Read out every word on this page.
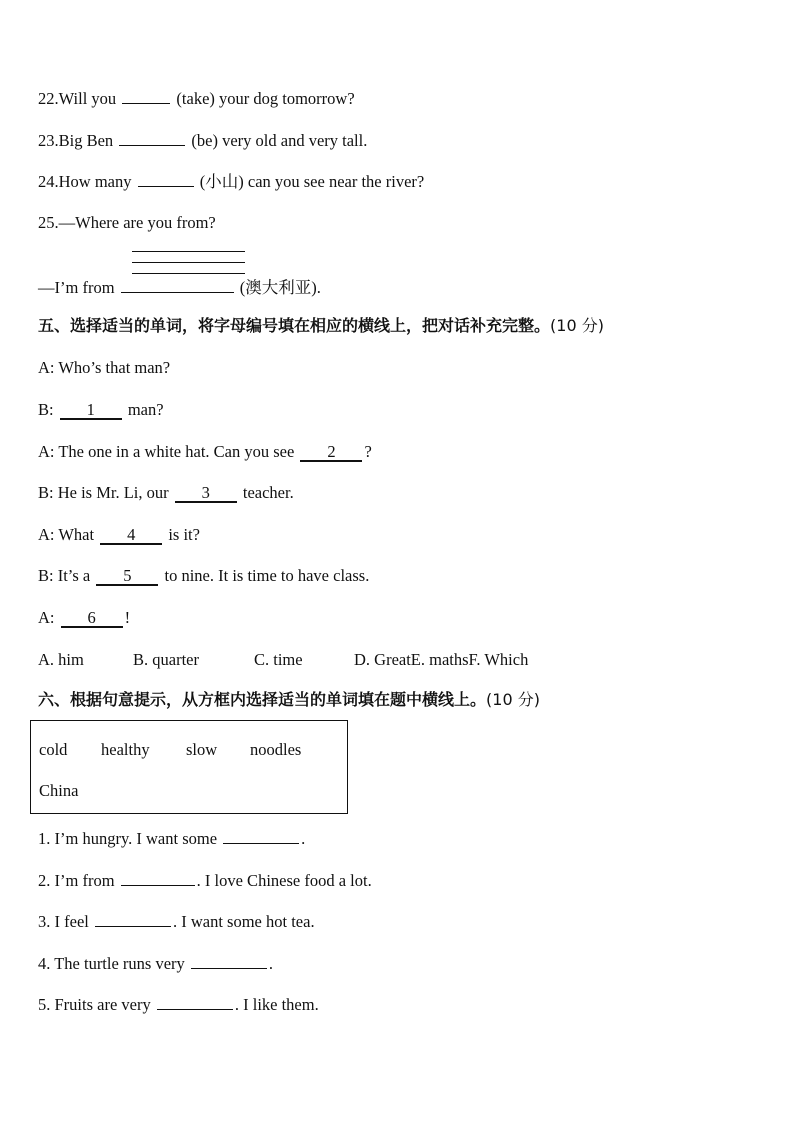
22.Will you	(take) your dog tomorrow?
23.Big Ben	(be) very old and very tall.
24.How many	(小山) can you see near the river?
25.—Where are you from?
—I’m from	(澳大利亚).
五、选择适当的单词，将字母编号填在相应的横线上，把对话补充完整。(10 分)
A: Who’s that man?
B: 1 man?
A: The one in a white hat. Can you see 2 ?
B: He is Mr. Li, our 3 teacher.
A: What 4 is it?
B: It’s a 5 to nine. It is time to have class.
A: 6 !
A. him	B. quarter	C. time	D. GreatE. mathsF. Which
六、根据句意提示，从方框内选择适当的单词填在题中横线上。(10 分)
cold healthy slow noodles
China
1. I’m hungry. I want some	.
2. I’m from	. I love Chinese food a lot.
3. I feel	. I want some hot tea.
4. The turtle runs very	.
5. Fruits are very	. I like them.
